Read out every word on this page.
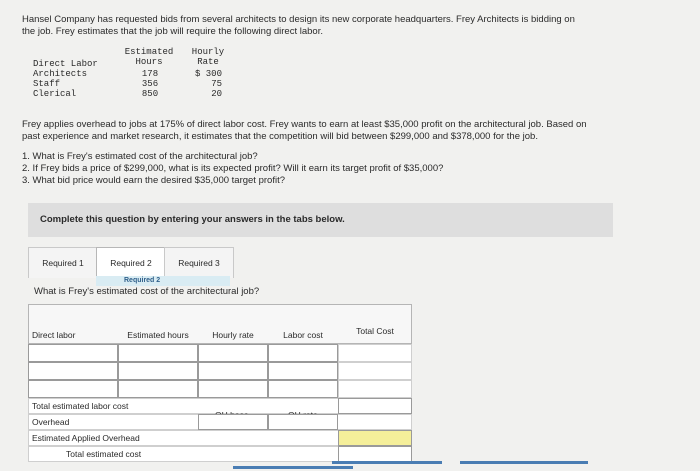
Hansel Company has requested bids from several architects to design its new corporate headquarters. Frey Architects is bidding on
the job. Frey estimates that the job will require the following direct labor.
Estimated
Hours
Hourly
Rate
Direct Labor
Architects	178	$ 300
Staff	356	75
Clerical	850	20
Frey applies overhead to jobs at 175% of direct labor cost. Frey wants to earn at least $35,000 profit on the architectural job. Based on
past experience and market research, it estimates that the competition will bid between $299,000 and $378,000 for the job.
1. What is Frey's estimated cost of the architectural job?
2. If Frey bids a price of $299,000, what is its expected profit? Will it earn its target profit of $35,000?
3. What bid price would earn the desired $35,000 target profit?
Complete this question by entering your answers in the tabs below.
Required 1	Required 2	Required 3
Required 2
What is Frey's estimated cost of the architectural job?
Direct labor	Estimated hours	Hourly rate	Labor cost	Total Cost
Total estimated labor cost
Overhead
Estimated Applied Overhead
Total estimated cost
